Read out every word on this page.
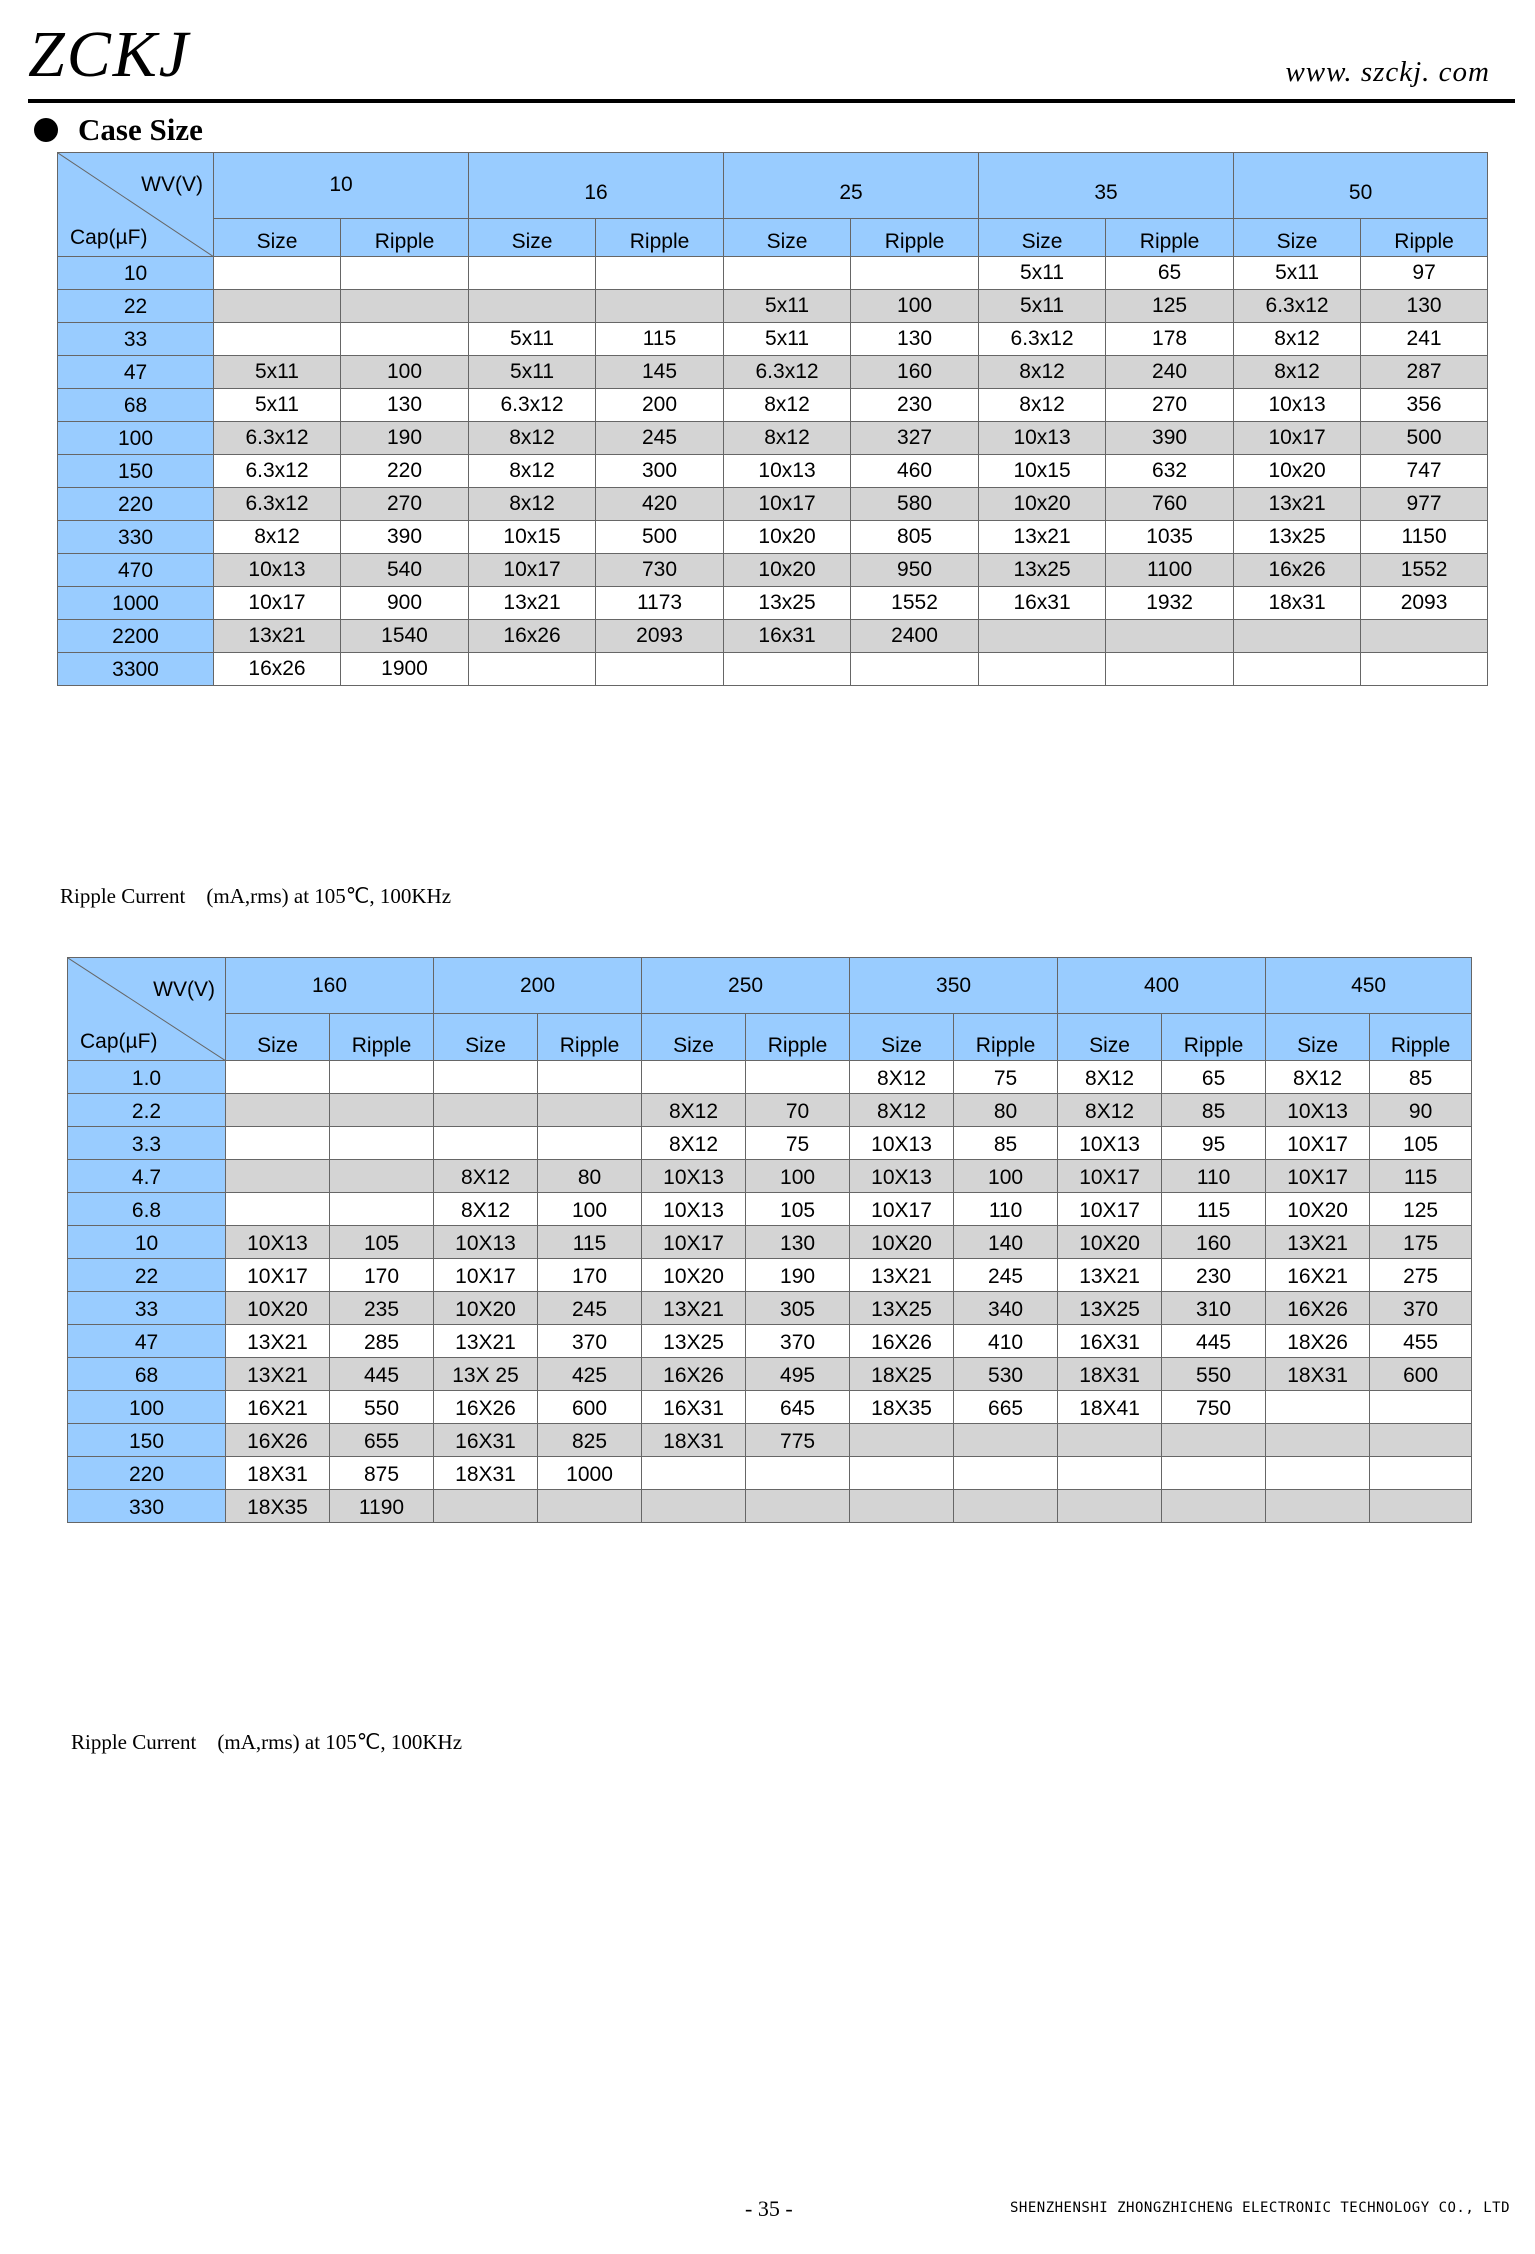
ZCKJ	www. szckj. com
Case Size
WV(V)
Cap(µF)	10		16		25		35		50	
	Size	Ripple	Size	Ripple	Size	Ripple	Size	Ripple	Size	Ripple
10							5x11	65	5x11	97
22					5x11	100	5x11	125	6.3x12	130
33			5x11	115	5x11	130	6.3x12	178	8x12	241
47	5x11	100	5x11	145	6.3x12	160	8x12	240	8x12	287
68	5x11	130	6.3x12	200	8x12	230	8x12	270	10x13	356
100	6.3x12	190	8x12	245	8x12	327	10x13	390	10x17	500
150	6.3x12	220	8x12	300	10x13	460	10x15	632	10x20	747
220	6.3x12	270	8x12	420	10x17	580	10x20	760	13x21	977
330	8x12	390	10x15	500	10x20	805	13x21	1035	13x25	1150
470	10x13	540	10x17	730	10x20	950	13x25	1100	16x26	1552
1000	10x17	900	13x21	1173	13x25	1552	16x31	1932	18x31	2093
2200	13x21	1540	16x26	2093	16x31	2400				
3300	16x26	1900								
Ripple Current    (mA,rms) at 105℃, 100KHz
WV(V)
Cap(µF)	160		200		250		350		400		450	
	Size	Ripple	Size	Ripple	Size	Ripple	Size	Ripple	Size	Ripple	Size	Ripple
1.0							8X12	75	8X12	65	8X12	85
2.2					8X12	70	8X12	80	8X12	85	10X13	90
3.3					8X12	75	10X13	85	10X13	95	10X17	105
4.7			8X12	80	10X13	100	10X13	100	10X17	110	10X17	115
6.8			8X12	100	10X13	105	10X17	110	10X17	115	10X20	125
10	10X13	105	10X13	115	10X17	130	10X20	140	10X20	160	13X21	175
22	10X17	170	10X17	170	10X20	190	13X21	245	13X21	230	16X21	275
33	10X20	235	10X20	245	13X21	305	13X25	340	13X25	310	16X26	370
47	13X21	285	13X21	370	13X25	370	16X26	410	16X31	445	18X26	455
68	13X21	445	13X 25	425	16X26	495	18X25	530	18X31	550	18X31	600
100	16X21	550	16X26	600	16X31	645	18X35	665	18X41	750		
150	16X26	655	16X31	825	18X31	775						
220	18X31	875	18X31	1000								
330	18X35	1190										
Ripple Current    (mA,rms) at 105℃, 100KHz
- 35 -	SHENZHENSHI ZHONGZHICHENG ELECTRONIC TECHNOLOGY CO., LTD
